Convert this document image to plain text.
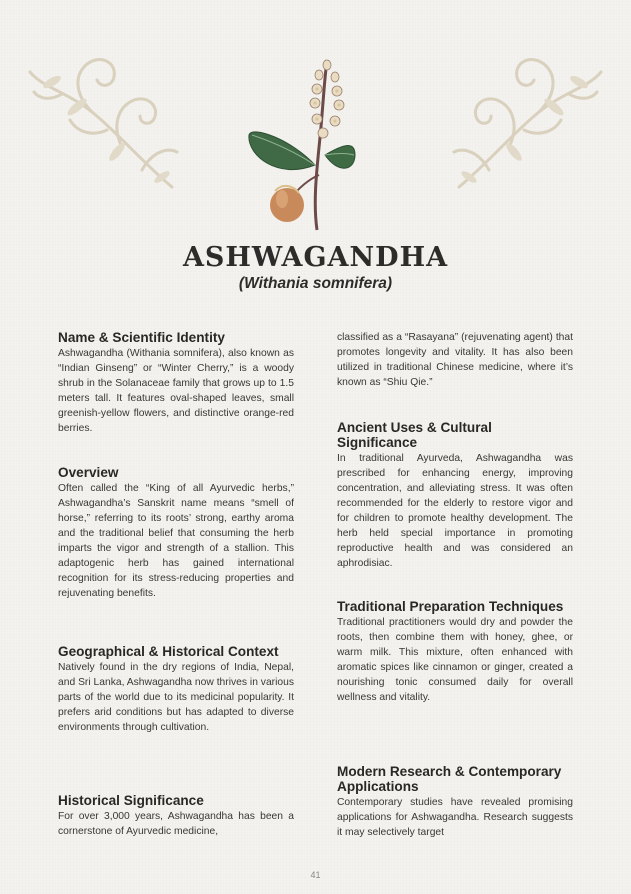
ASHWAGANDHA
(Withania somnifera)
Name & Scientific Identity

Ashwagandha (Withania somnifera), also known as “Indian Ginseng” or “Winter Cherry,” is a woody shrub in the Solanaceae family that grows up to 1.5 meters tall. It features oval-shaped leaves, small greenish-yellow flowers, and distinctive orange-red berries.

Overview

Often called the “King of all Ayurvedic herbs,” Ashwagandha’s Sanskrit name means “smell of horse,” referring to its roots’ strong, earthy aroma and the traditional belief that consuming the herb imparts the vigor and strength of a stallion. This adaptogenic herb has gained international recognition for its stress-reducing properties and rejuvenating benefits.

Geographical & Historical Context

Natively found in the dry regions of India, Nepal, and Sri Lanka, Ashwagandha now thrives in various parts of the world due to its medicinal popularity. It prefers arid conditions but has adapted to diverse environments through cultivation.

Historical Significance

For over 3,000 years, Ashwagandha has been a cornerstone of Ayurvedic medicine,

classified as a “Rasayana” (rejuvenating agent) that promotes longevity and vitality. It has also been utilized in traditional Chinese medicine, where it’s known as “Shiu Qie.”

Ancient Uses & Cultural Significance

In traditional Ayurveda, Ashwagandha was prescribed for enhancing energy, improving concentration, and alleviating stress. It was often recommended for the elderly to restore vigor and for children to promote healthy development. The herb held special importance in promoting reproductive health and was considered an aphrodisiac.

Traditional Preparation Techniques

Traditional practitioners would dry and powder the roots, then combine them with honey, ghee, or warm milk. This mixture, often enhanced with aromatic spices like cinnamon or ginger, created a nourishing tonic consumed daily for overall wellness and vitality.

Modern Research & Contemporary Applications

Contemporary studies have revealed promising applications for Ashwagandha. Research suggests it may selectively target

41
